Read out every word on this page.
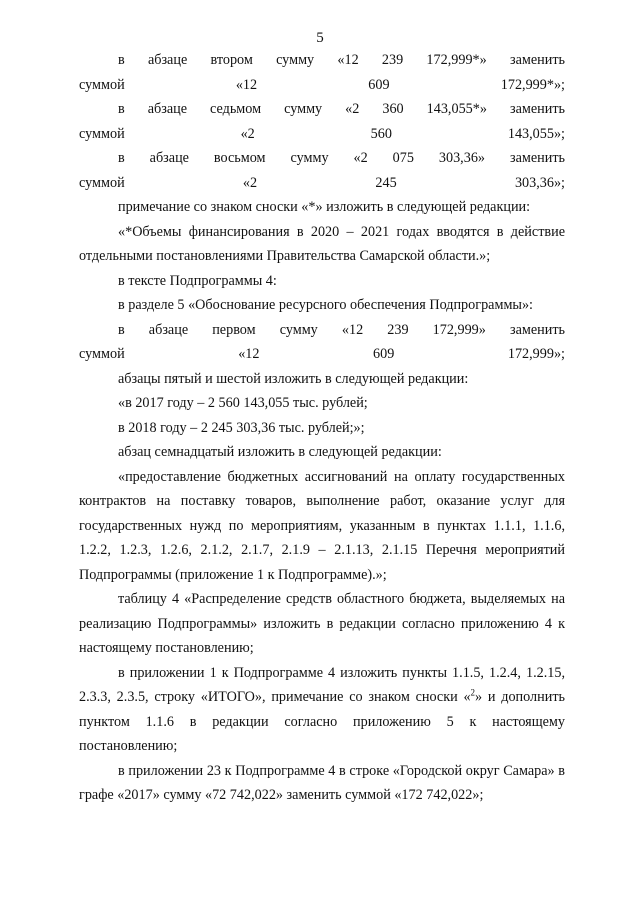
5

в абзаце втором сумму «12 239 172,999*» заменить суммой «12 609 172,999*»;

в абзаце седьмом сумму «2 360 143,055*» заменить суммой «2 560 143,055»;

в абзаце восьмом сумму «2 075 303,36» заменить суммой «2 245 303,36»;

примечание со знаком сноски «*» изложить в следующей редакции:

«*Объемы финансирования в 2020 – 2021 годах вводятся в действие отдельными постановлениями Правительства Самарской области.»;

в тексте Подпрограммы 4:

в разделе 5 «Обоснование ресурсного обеспечения Подпрограммы»:

в абзаце первом сумму «12 239 172,999» заменить суммой «12 609 172,999»;

абзацы пятый и шестой изложить в следующей редакции:

«в 2017 году – 2 560 143,055 тыс. рублей;

в 2018 году – 2 245 303,36 тыс. рублей;»;

абзац семнадцатый изложить в следующей редакции:

«предоставление бюджетных ассигнований на оплату государственных контрактов на поставку товаров, выполнение работ, оказание услуг для государственных нужд по мероприятиям, указанным в пунктах 1.1.1, 1.1.6, 1.2.2, 1.2.3, 1.2.6, 2.1.2, 2.1.7, 2.1.9 – 2.1.13, 2.1.15 Перечня мероприятий Подпрограммы (приложение 1 к Подпрограмме).»;

таблицу 4 «Распределение средств областного бюджета, выделяемых на реализацию Подпрограммы» изложить в редакции согласно приложению 4 к настоящему постановлению;

в приложении 1 к Подпрограмме 4 изложить пункты 1.1.5, 1.2.4, 1.2.15, 2.3.3, 2.3.5, строку «ИТОГО», примечание со знаком сноски «$^2$» и дополнить пунктом 1.1.6 в редакции согласно приложению 5 к настоящему постановлению;

в приложении 23 к Подпрограмме 4 в строке «Городской округ Самара» в графе «2017» сумму «72 742,022» заменить суммой «172 742,022»;
